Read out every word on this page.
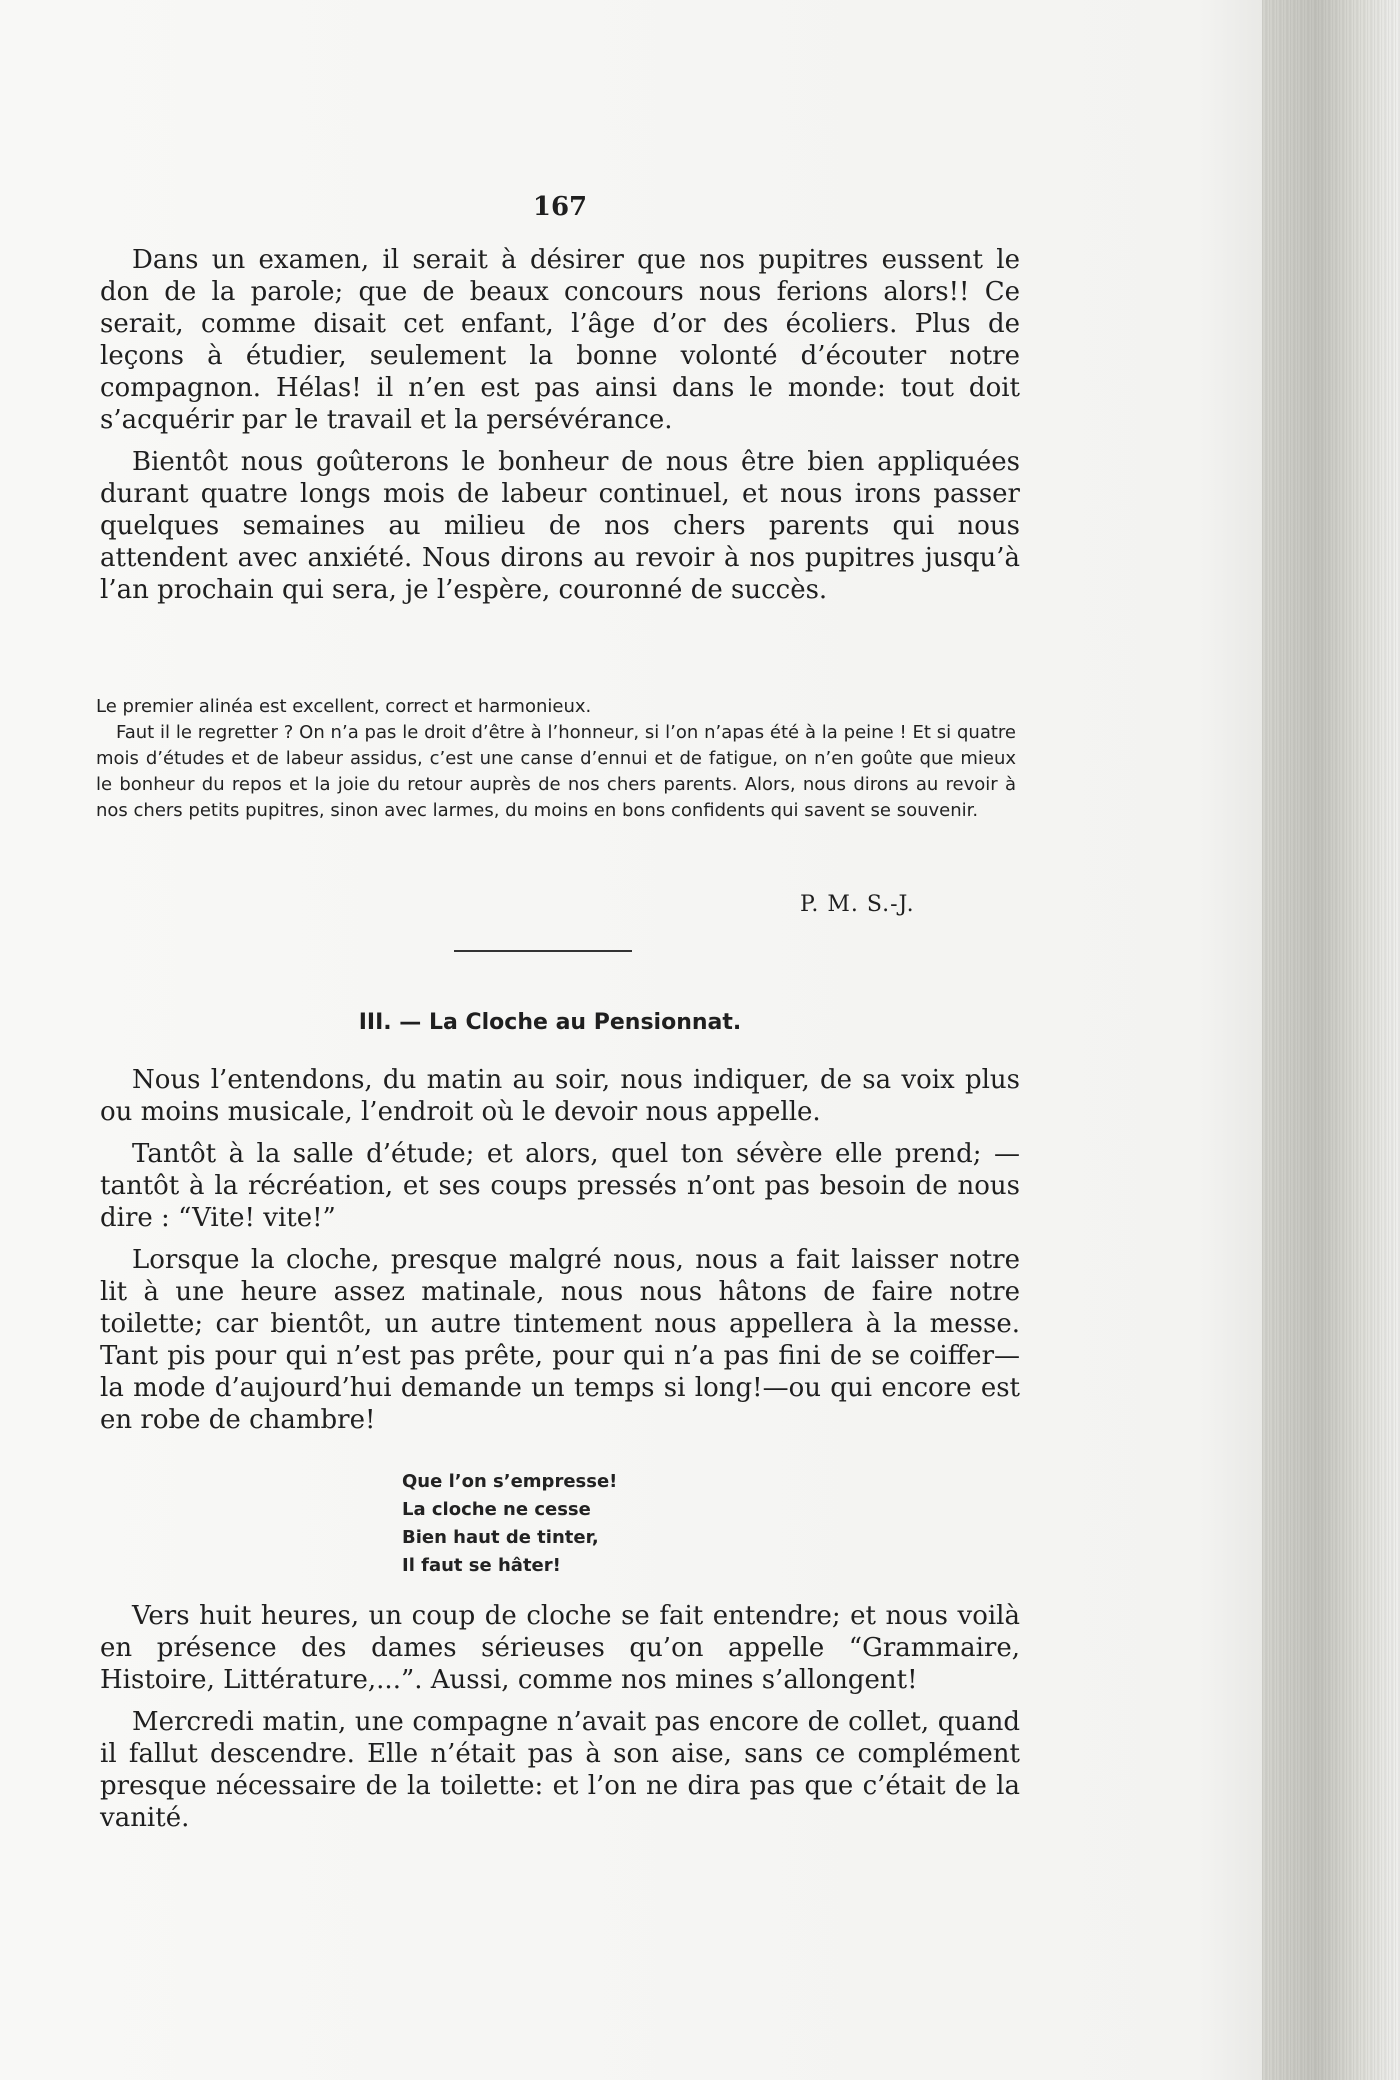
167

Dans un examen, il serait à désirer que nos pupitres eussent le don de la parole; que de beaux concours nous ferions alors!! Ce serait, comme disait cet enfant, l’âge d’or des écoliers. Plus de leçons à étudier, seulement la bonne volonté d’écouter notre compagnon. Hélas! il n’en est pas ainsi dans le monde: tout doit s’acquérir par le travail et la persévérance.

Bientôt nous goûterons le bonheur de nous être bien appliquées durant quatre longs mois de labeur continuel, et nous irons passer quelques semaines au milieu de nos chers parents qui nous attendent avec anxiété. Nous dirons au revoir à nos pupitres jusqu’à l’an prochain qui sera, je l’espère, couronné de succès.

Le premier alinéa est excellent, correct et harmonieux.

Faut il le regretter ? On n’a pas le droit d’être à l’honneur, si l’on n’apas été à la peine ! Et si quatre mois d’études et de labeur assidus, c’est une canse d’ennui et de fatigue, on n’en goûte que mieux le bonheur du repos et la joie du retour auprès de nos chers parents. Alors, nous dirons au revoir à nos chers petits pupitres, sinon avec larmes, du moins en bons confidents qui savent se souvenir.

P. M. S.-J.
III. — La Cloche au Pensionnat.

Nous l’entendons, du matin au soir, nous indiquer, de sa voix plus ou moins musicale, l’endroit où le devoir nous appelle.

Tantôt à la salle d’étude; et alors, quel ton sévère elle prend; — tantôt à la récréation, et ses coups pressés n’ont pas besoin de nous dire : “Vite! vite!”

Lorsque la cloche, presque malgré nous, nous a fait laisser notre lit à une heure assez matinale, nous nous hâtons de faire notre toilette; car bientôt, un autre tintement nous appellera à la messe. Tant pis pour qui n’est pas prête, pour qui n’a pas fini de se coiffer—la mode d’aujourd’hui demande un temps si long!—ou qui encore est en robe de chambre!

Que l’on s’empresse!
La cloche ne cesse
Bien haut de tinter,
Il faut se hâter!

Vers huit heures, un coup de cloche se fait entendre; et nous voilà en présence des dames sérieuses qu’on appelle “Grammaire, Histoire, Littérature,...”. Aussi, comme nos mines s’allongent!

Mercredi matin, une compagne n’avait pas encore de collet, quand il fallut descendre. Elle n’était pas à son aise, sans ce complément presque nécessaire de la toilette: et l’on ne dira pas que c’était de la vanité.
